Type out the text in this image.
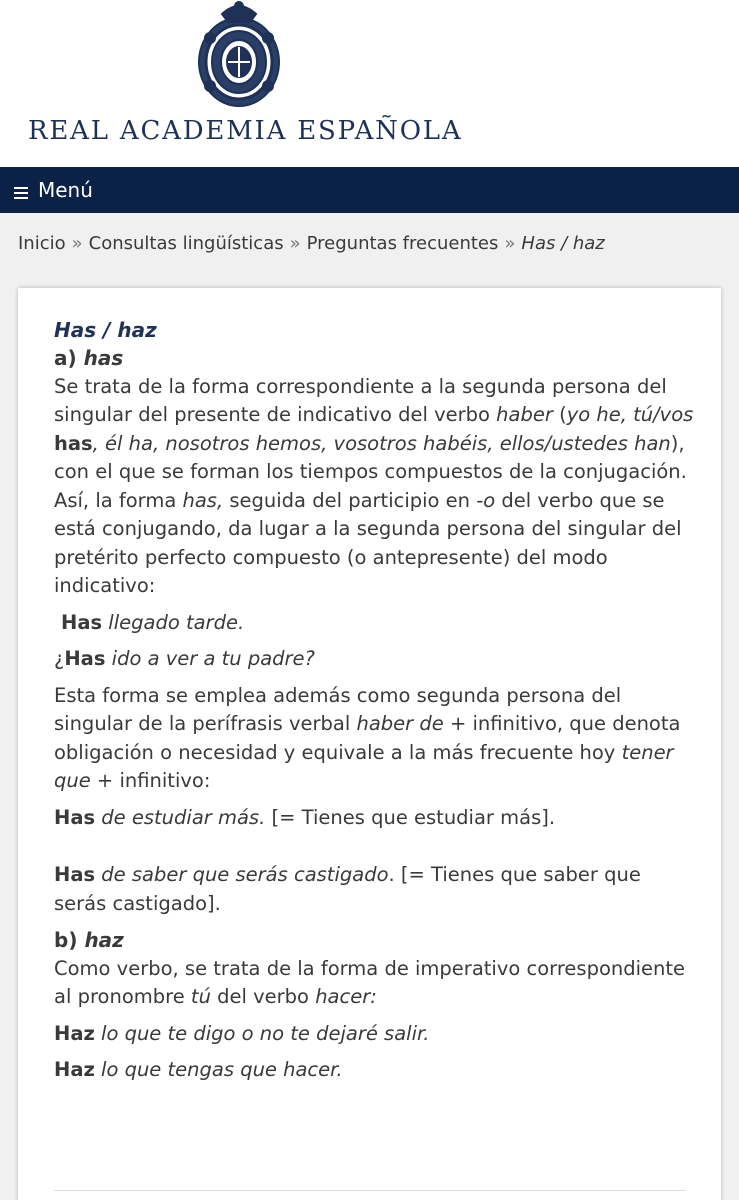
REAL ACADEMIA ESPAÑOLA
Menú
Inicio » Consultas lingüísticas » Preguntas frecuentes » Has / haz

Has / haz

a) has

Se trata de la forma correspondiente a la segunda persona del singular del presente de indicativo del verbo haber (yo he, tú/vos has, él ha, nosotros hemos, vosotros habéis, ellos/ustedes han), con el que se forman los tiempos compuestos de la conjugación. Así, la forma has, seguida del participio en -o del verbo que se está conjugando, da lugar a la segunda persona del singular del pretérito perfecto compuesto (o antepresente) del modo indicativo:

Has llegado tarde.

¿Has ido a ver a tu padre?

Esta forma se emplea además como segunda persona del singular de la perífrasis verbal haber de + infinitivo, que denota obligación o necesidad y equivale a la más frecuente hoy tener que + infinitivo:

Has de estudiar más. [= Tienes que estudiar más].

Has de saber que serás castigado. [= Tienes que saber que serás castigado].

b) haz

Como verbo, se trata de la forma de imperativo correspondiente al pronombre tú del verbo hacer:

Haz lo que te digo o no te dejaré salir.

Haz lo que tengas que hacer.
